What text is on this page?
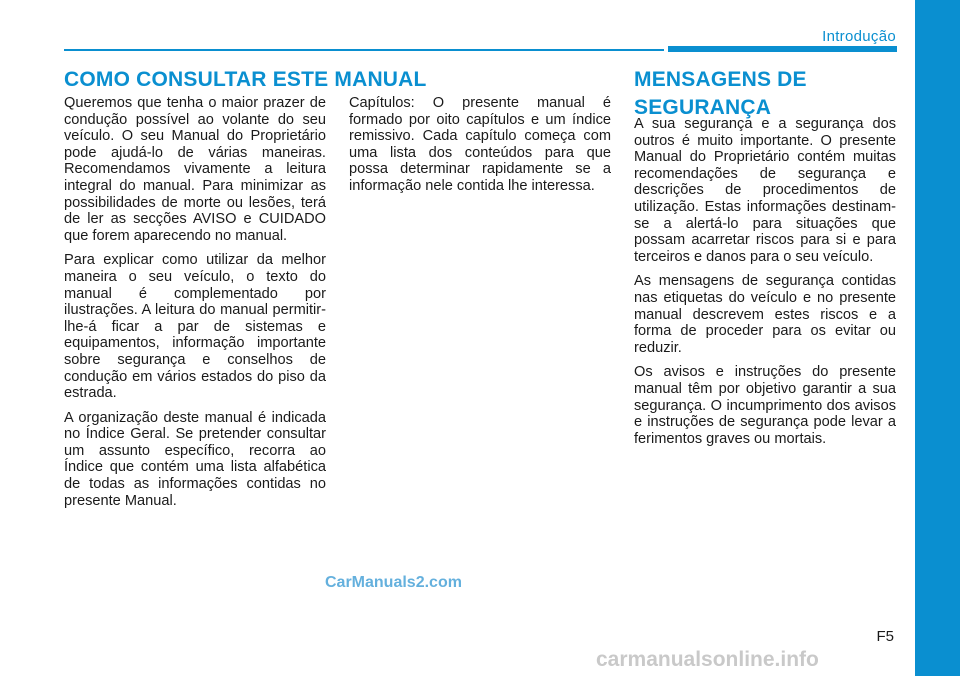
Introdução
COMO CONSULTAR ESTE MANUAL

Queremos que tenha o maior prazer de condução possível ao volante do seu veículo. O seu Manual do Proprietário pode ajudá-lo de várias maneiras. Recomendamos vivamente a leitura integral do manual. Para minimizar as possibilidades de morte ou lesões, terá de ler as secções AVISO e CUIDADO que forem aparecendo no manual.

Para explicar como utilizar da melhor maneira o seu veículo, o texto do manual é complementado por ilustrações. A leitura do manual permitir-lhe-á ficar a par de sistemas e equipamentos, informação importante sobre segurança e conselhos de condução em vários estados do piso da estrada.

A organização deste manual é indicada no Índice Geral. Se pretender consultar um assunto específico, recorra ao Índice que contém uma lista alfabética de todas as informações contidas no presente Manual.

Capítulos: O presente manual é formado por oito capítulos e um índice remissivo. Cada capítulo começa com uma lista dos conteúdos para que possa determinar rapidamente se a informação nele contida lhe interessa.

MENSAGENS DE SEGURANÇA

A sua segurança e a segurança dos outros é muito importante. O presente Manual do Proprietário contém muitas recomendações de segurança e descrições de procedimentos de utilização. Estas informações destinam-se a alertá-lo para situações que possam acarretar riscos para si e para terceiros e danos para o seu veículo.

As mensagens de segurança contidas nas etiquetas do veículo e no presente manual descrevem estes riscos e a forma de proceder para os evitar ou reduzir.

Os avisos e instruções do presente manual têm por objetivo garantir a sua segurança. O incumprimento dos avisos e instruções de segurança pode levar a ferimentos graves ou mortais.

CarManuals2.com
F5
carmanualsonline.info
